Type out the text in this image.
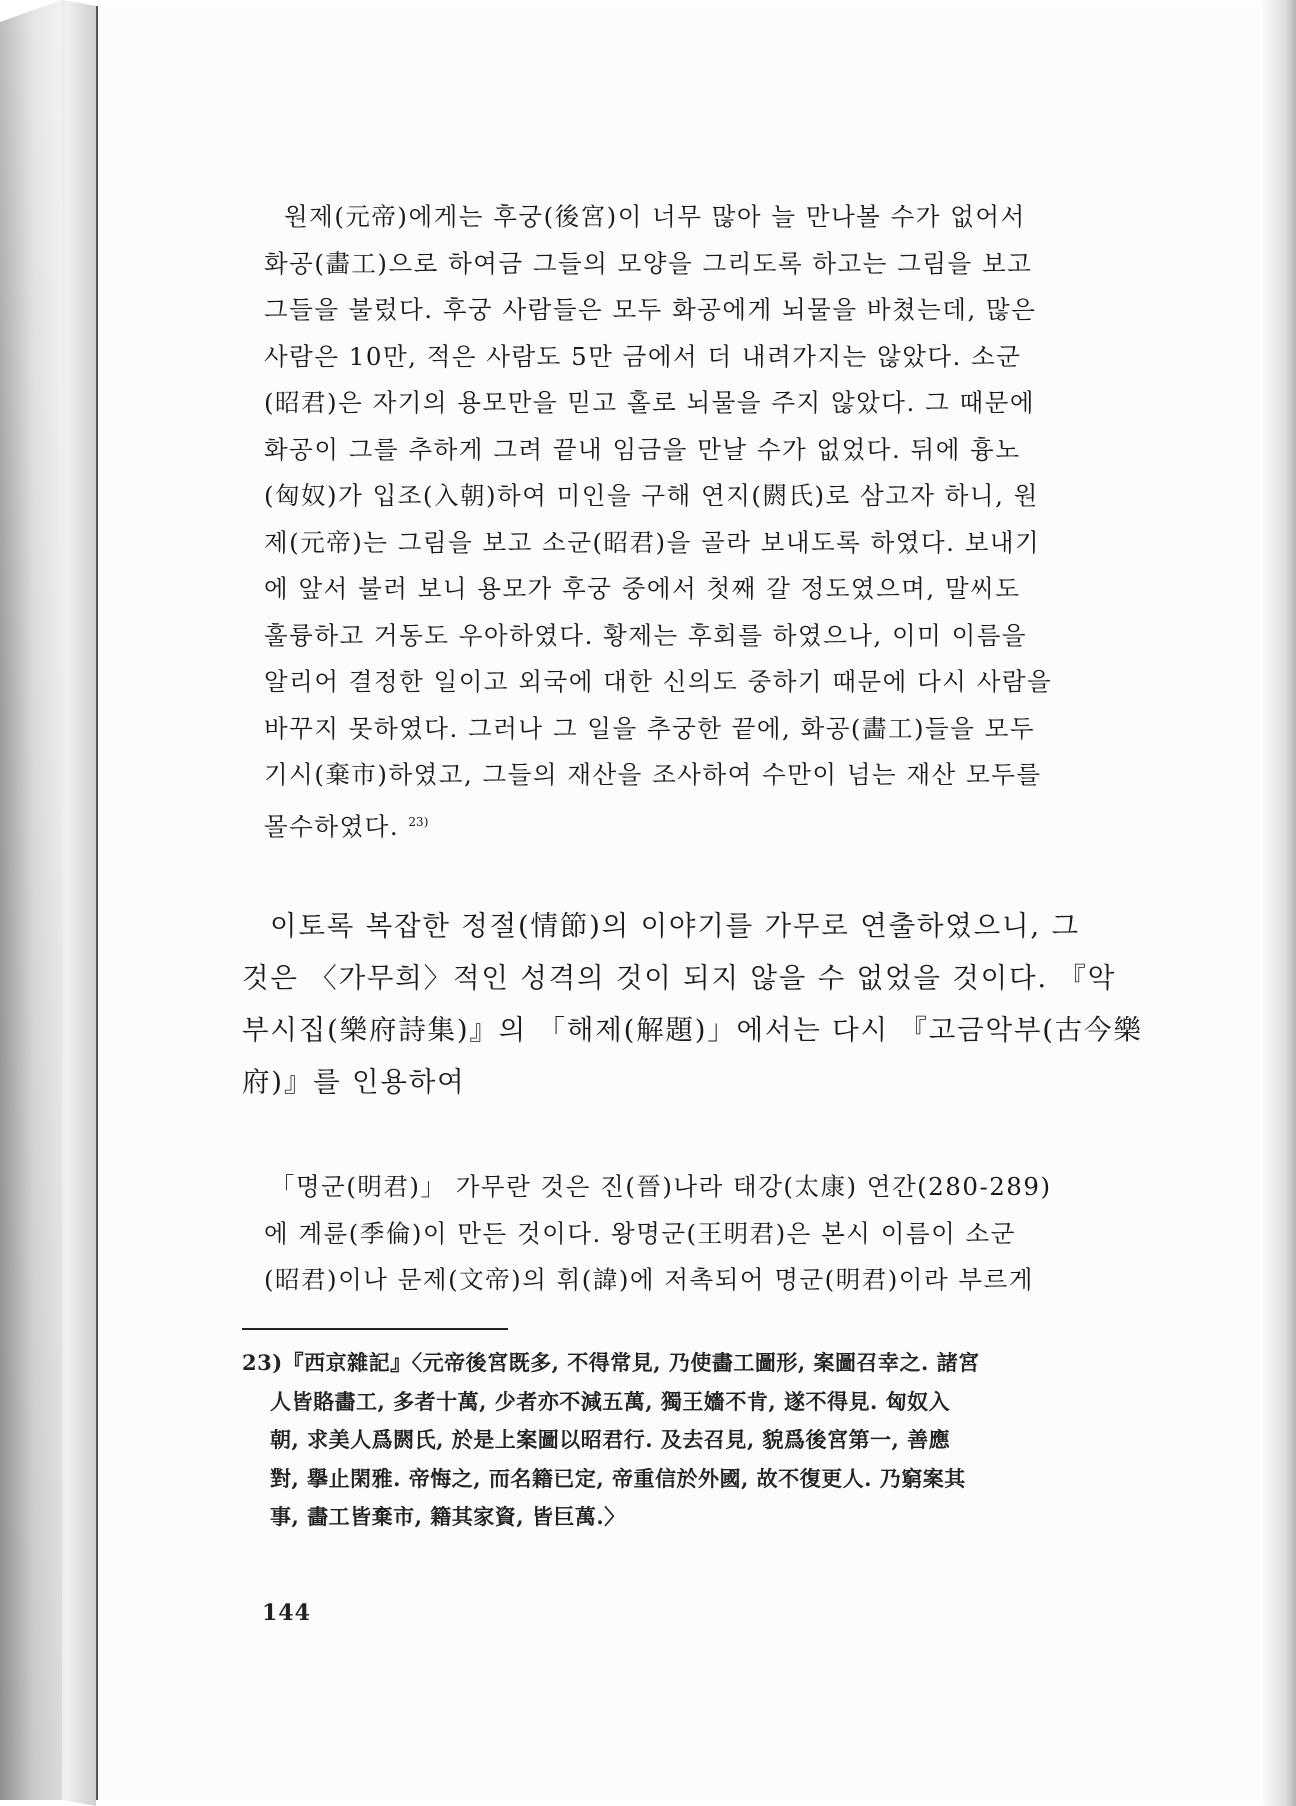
원제(元帝)에게는 후궁(後宮)이 너무 많아 늘 만나볼 수가 없어서
화공(畵工)으로 하여금 그들의 모양을 그리도록 하고는 그림을 보고
그들을 불렀다. 후궁 사람들은 모두 화공에게 뇌물을 바쳤는데, 많은
사람은 10만, 적은 사람도 5만 금에서 더 내려가지는 않았다. 소군
(昭君)은 자기의 용모만을 믿고 홀로 뇌물을 주지 않았다. 그 때문에
화공이 그를 추하게 그려 끝내 임금을 만날 수가 없었다. 뒤에 흉노
(匈奴)가 입조(入朝)하여 미인을 구해 연지(閼氏)로 삼고자 하니, 원
제(元帝)는 그림을 보고 소군(昭君)을 골라 보내도록 하였다. 보내기
에 앞서 불러 보니 용모가 후궁 중에서 첫째 갈 정도였으며, 말씨도
훌륭하고 거동도 우아하였다. 황제는 후회를 하였으나, 이미 이름을
알리어 결정한 일이고 외국에 대한 신의도 중하기 때문에 다시 사람을
바꾸지 못하였다. 그러나 그 일을 추궁한 끝에, 화공(畵工)들을 모두
기시(棄市)하였고, 그들의 재산을 조사하여 수만이 넘는 재산 모두를
몰수하였다. $^{23)}$
이토록 복잡한 정절(情節)의 이야기를 가무로 연출하였으니, 그
것은 〈가무희〉적인 성격의 것이 되지 않을 수 없었을 것이다. 『악
부시집(樂府詩集)』의 「해제(解題)」에서는 다시 『고금악부(古今樂
府)』를 인용하여
「명군(明君)」 가무란 것은 진(晉)나라 태강(太康) 연간(280-289)
에 계륜(季倫)이 만든 것이다. 왕명군(王明君)은 본시 이름이 소군
(昭君)이나 문제(文帝)의 휘(諱)에 저촉되어 명군(明君)이라 부르게
23)『西京雜記』〈元帝後宮既多, 不得常見, 乃使畵工圖形, 案圖召幸之. 諸宮
人皆賂畵工, 多者十萬, 少者亦不減五萬, 獨王嬙不肯, 遂不得見. 匈奴入
朝, 求美人爲閼氏, 於是上案圖以昭君行. 及去召見, 貌爲後宮第一, 善應
對, 擧止閑雅. 帝悔之, 而名籍已定, 帝重信於外國, 故不復更人. 乃窮案其
事, 畵工皆棄市, 籍其家資, 皆巨萬.〉
144
